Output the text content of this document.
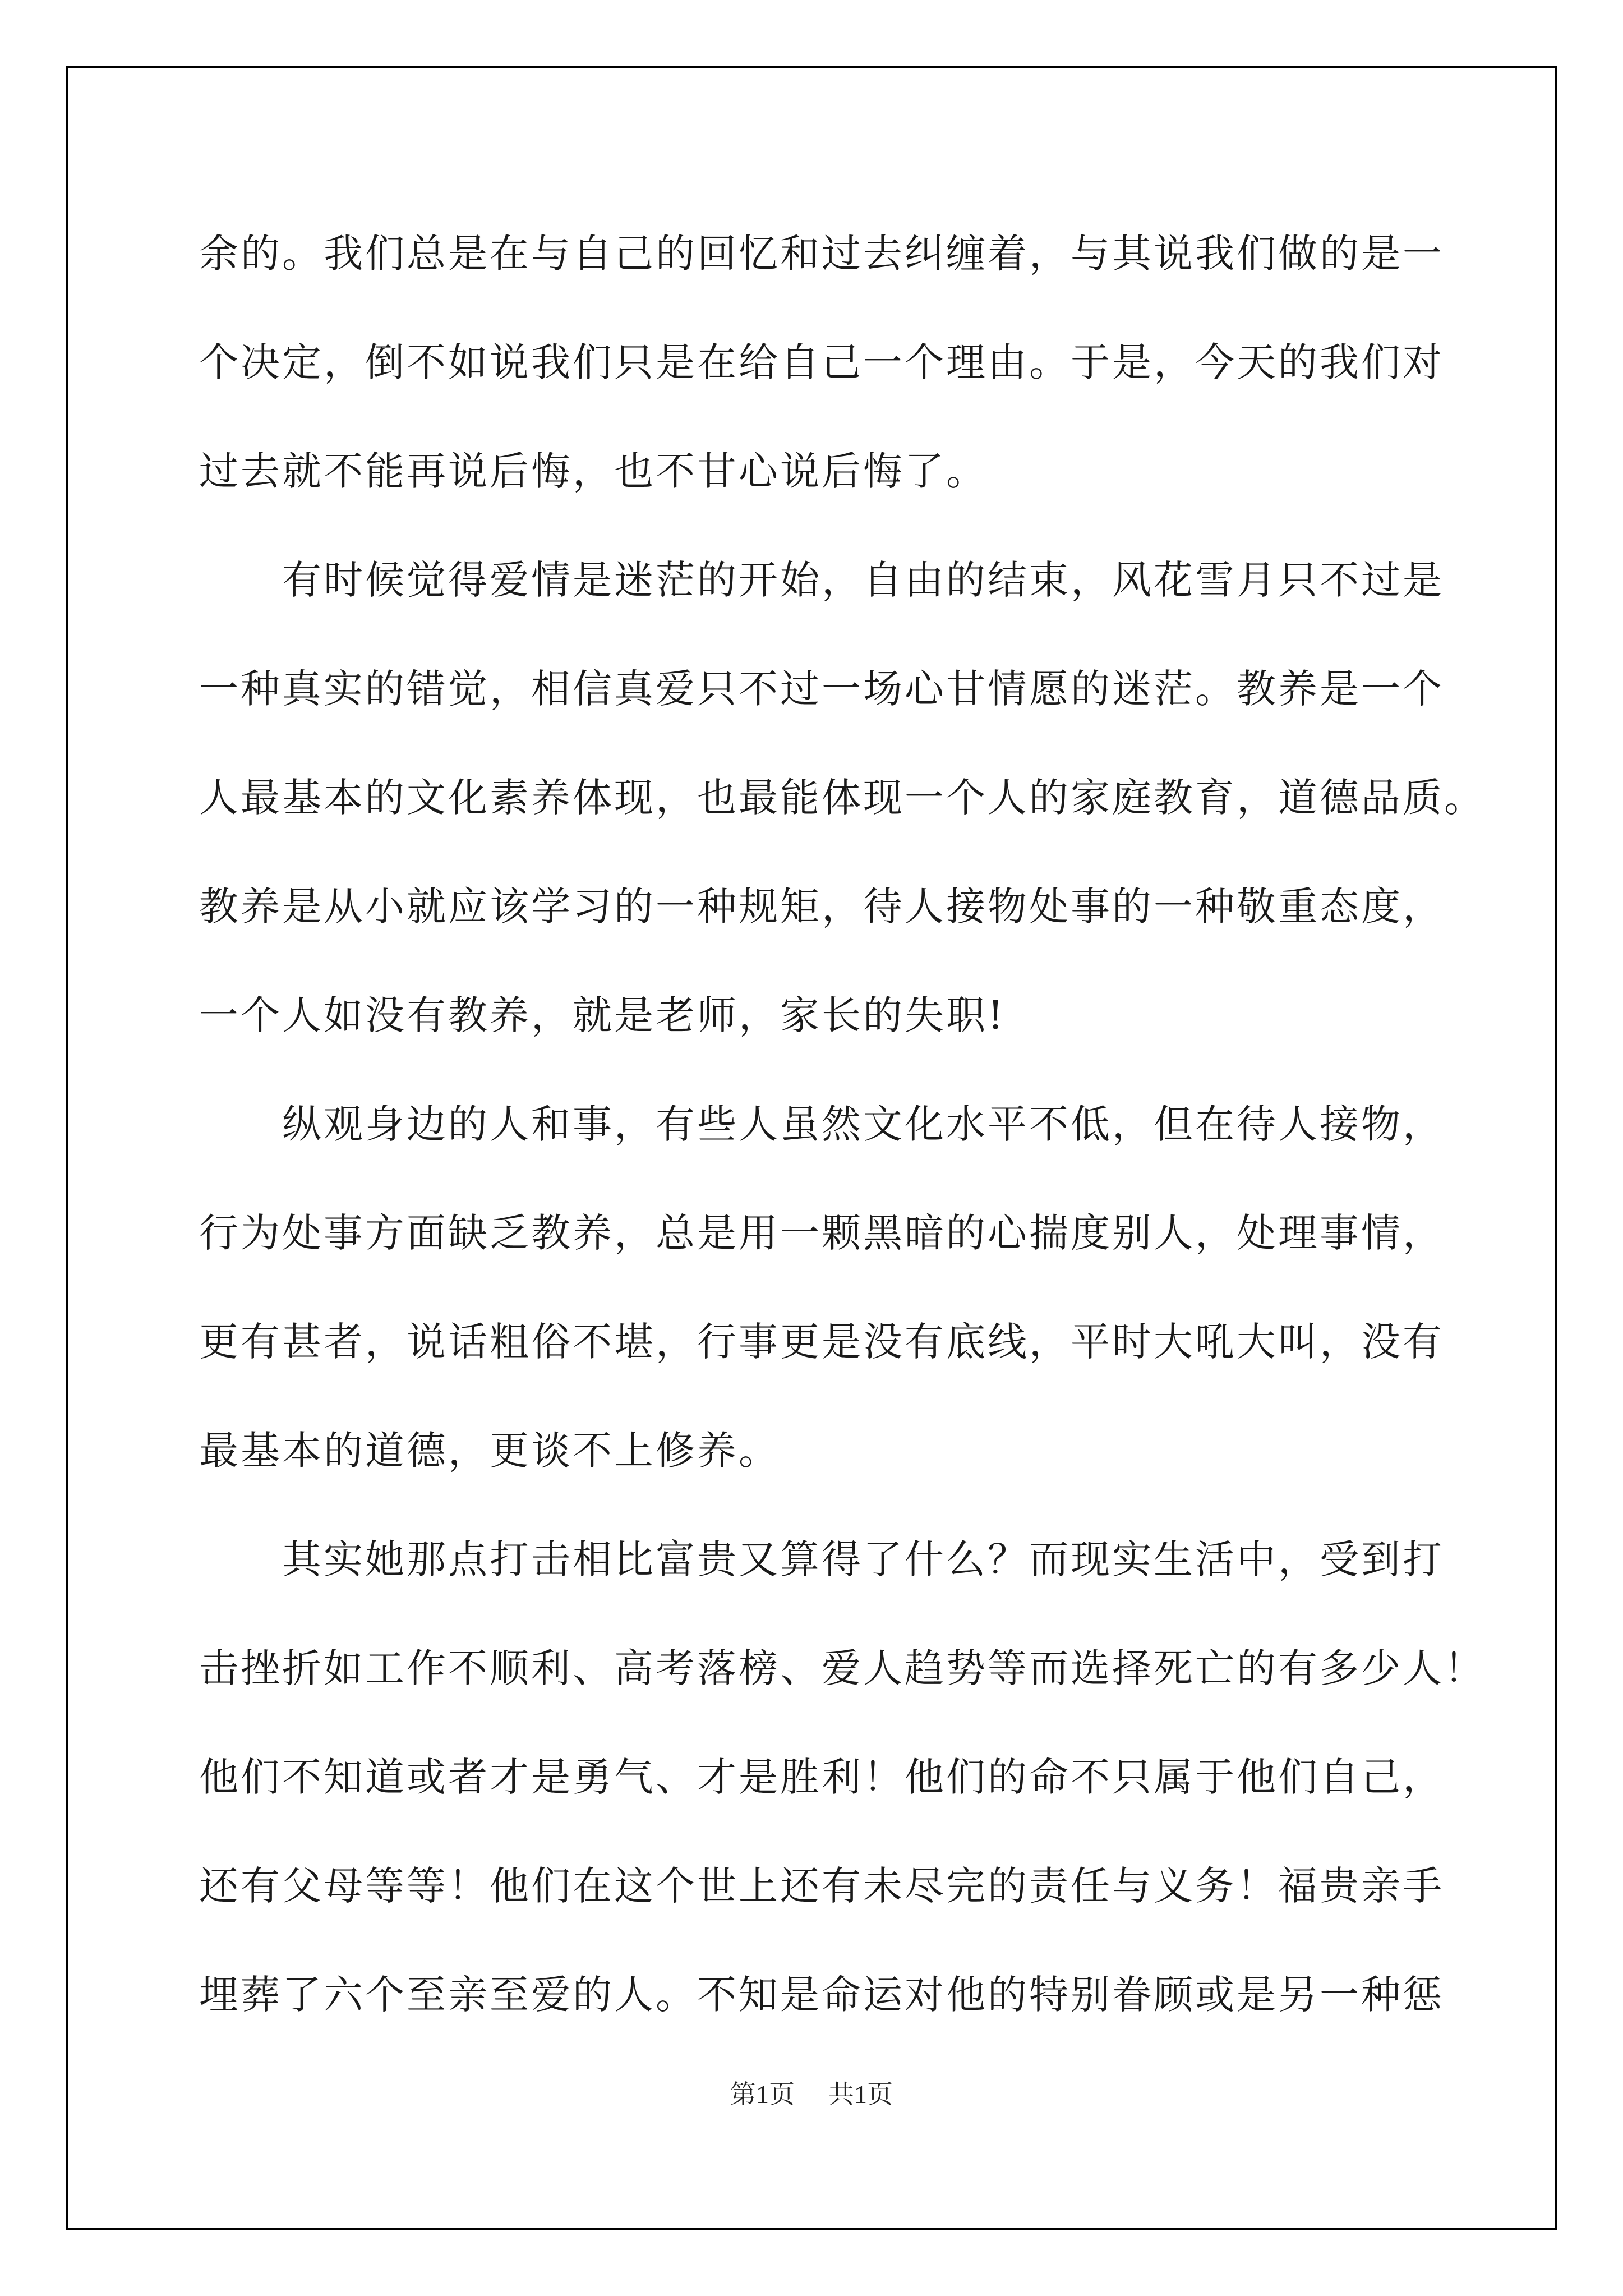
余的。我们总是在与自己的回忆和过去纠缠着，与其说我们做的是一
个决定，倒不如说我们只是在给自己一个理由。于是，今天的我们对
过去就不能再说后悔，也不甘心说后悔了。
有时候觉得爱情是迷茫的开始，自由的结束，风花雪月只不过是
一种真实的错觉，相信真爱只不过一场心甘情愿的迷茫。教养是一个
人最基本的文化素养体现，也最能体现一个人的家庭教育，道德品质。
教养是从小就应该学习的一种规矩，待人接物处事的一种敬重态度，
一个人如没有教养，就是老师，家长的失职!
纵观身边的人和事，有些人虽然文化水平不低，但在待人接物，
行为处事方面缺乏教养，总是用一颗黑暗的心揣度别人，处理事情，
更有甚者，说话粗俗不堪，行事更是没有底线，平时大吼大叫，没有
最基本的道德，更谈不上修养。
其实她那点打击相比富贵又算得了什么？而现实生活中，受到打
击挫折如工作不顺利、高考落榜、爱人趋势等而选择死亡的有多少人！
他们不知道或者才是勇气、才是胜利！他们的命不只属于他们自己，
还有父母等等！他们在这个世上还有未尽完的责任与义务！福贵亲手
埋葬了六个至亲至爱的人。不知是命运对他的特别眷顾或是另一种惩
第1页 共1页
